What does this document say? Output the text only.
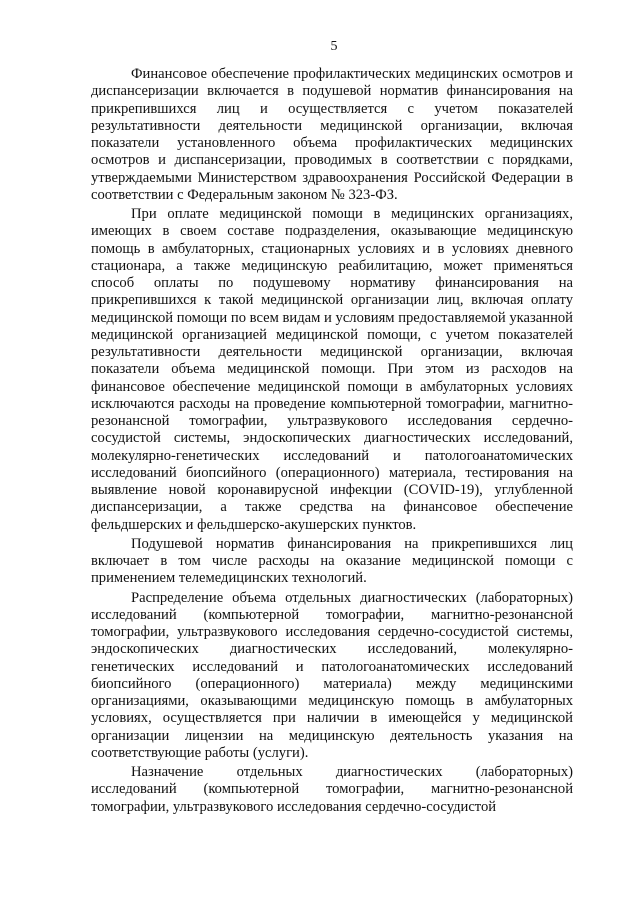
5

Финансовое обеспечение профилактических медицинских осмотров и диспансеризации включается в подушевой норматив финансирования на прикрепившихся лиц и осуществляется с учетом показателей результативности деятельности медицинской организации, включая показатели установленного объема профилактических медицинских осмотров и диспансеризации, проводимых в соответствии с порядками, утверждаемыми Министерством здравоохранения Российской Федерации в соответствии с Федеральным законом № 323-ФЗ.

При оплате медицинской помощи в медицинских организациях, имеющих в своем составе подразделения, оказывающие медицинскую помощь в амбулаторных, стационарных условиях и в условиях дневного стационара, а также медицинскую реабилитацию, может применяться способ оплаты по подушевому нормативу финансирования на прикрепившихся к такой медицинской организации лиц, включая оплату медицинской помощи по всем видам и условиям предоставляемой указанной медицинской организацией медицинской помощи, с учетом показателей результативности деятельности медицинской организации, включая показатели объема медицинской помощи. При этом из расходов на финансовое обеспечение медицинской помощи в амбулаторных условиях исключаются расходы на проведение компьютерной томографии, магнитно-резонансной томографии, ультразвукового исследования сердечно-сосудистой системы, эндоскопических диагностических исследований, молекулярно-генетических исследований и патологоанатомических исследований биопсийного (операционного) материала, тестирования на выявление новой коронавирусной инфекции (COVID-19), углубленной диспансеризации, а также средства на финансовое обеспечение фельдшерских и фельдшерско-акушерских пунктов.

Подушевой норматив финансирования на прикрепившихся лиц включает в том числе расходы на оказание медицинской помощи с применением телемедицинских технологий.

Распределение объема отдельных диагностических (лабораторных) исследований (компьютерной томографии, магнитно-резонансной томографии, ультразвукового исследования сердечно-сосудистой системы, эндоскопических диагностических исследований, молекулярно-генетических исследований и патологоанатомических исследований биопсийного (операционного) материала) между медицинскими организациями, оказывающими медицинскую помощь в амбулаторных условиях, осуществляется при наличии в имеющейся у медицинской организации лицензии на медицинскую деятельность указания на соответствующие работы (услуги).

Назначение отдельных диагностических (лабораторных) исследований (компьютерной томографии, магнитно-резонансной томографии, ультразвукового исследования сердечно-сосудистой
